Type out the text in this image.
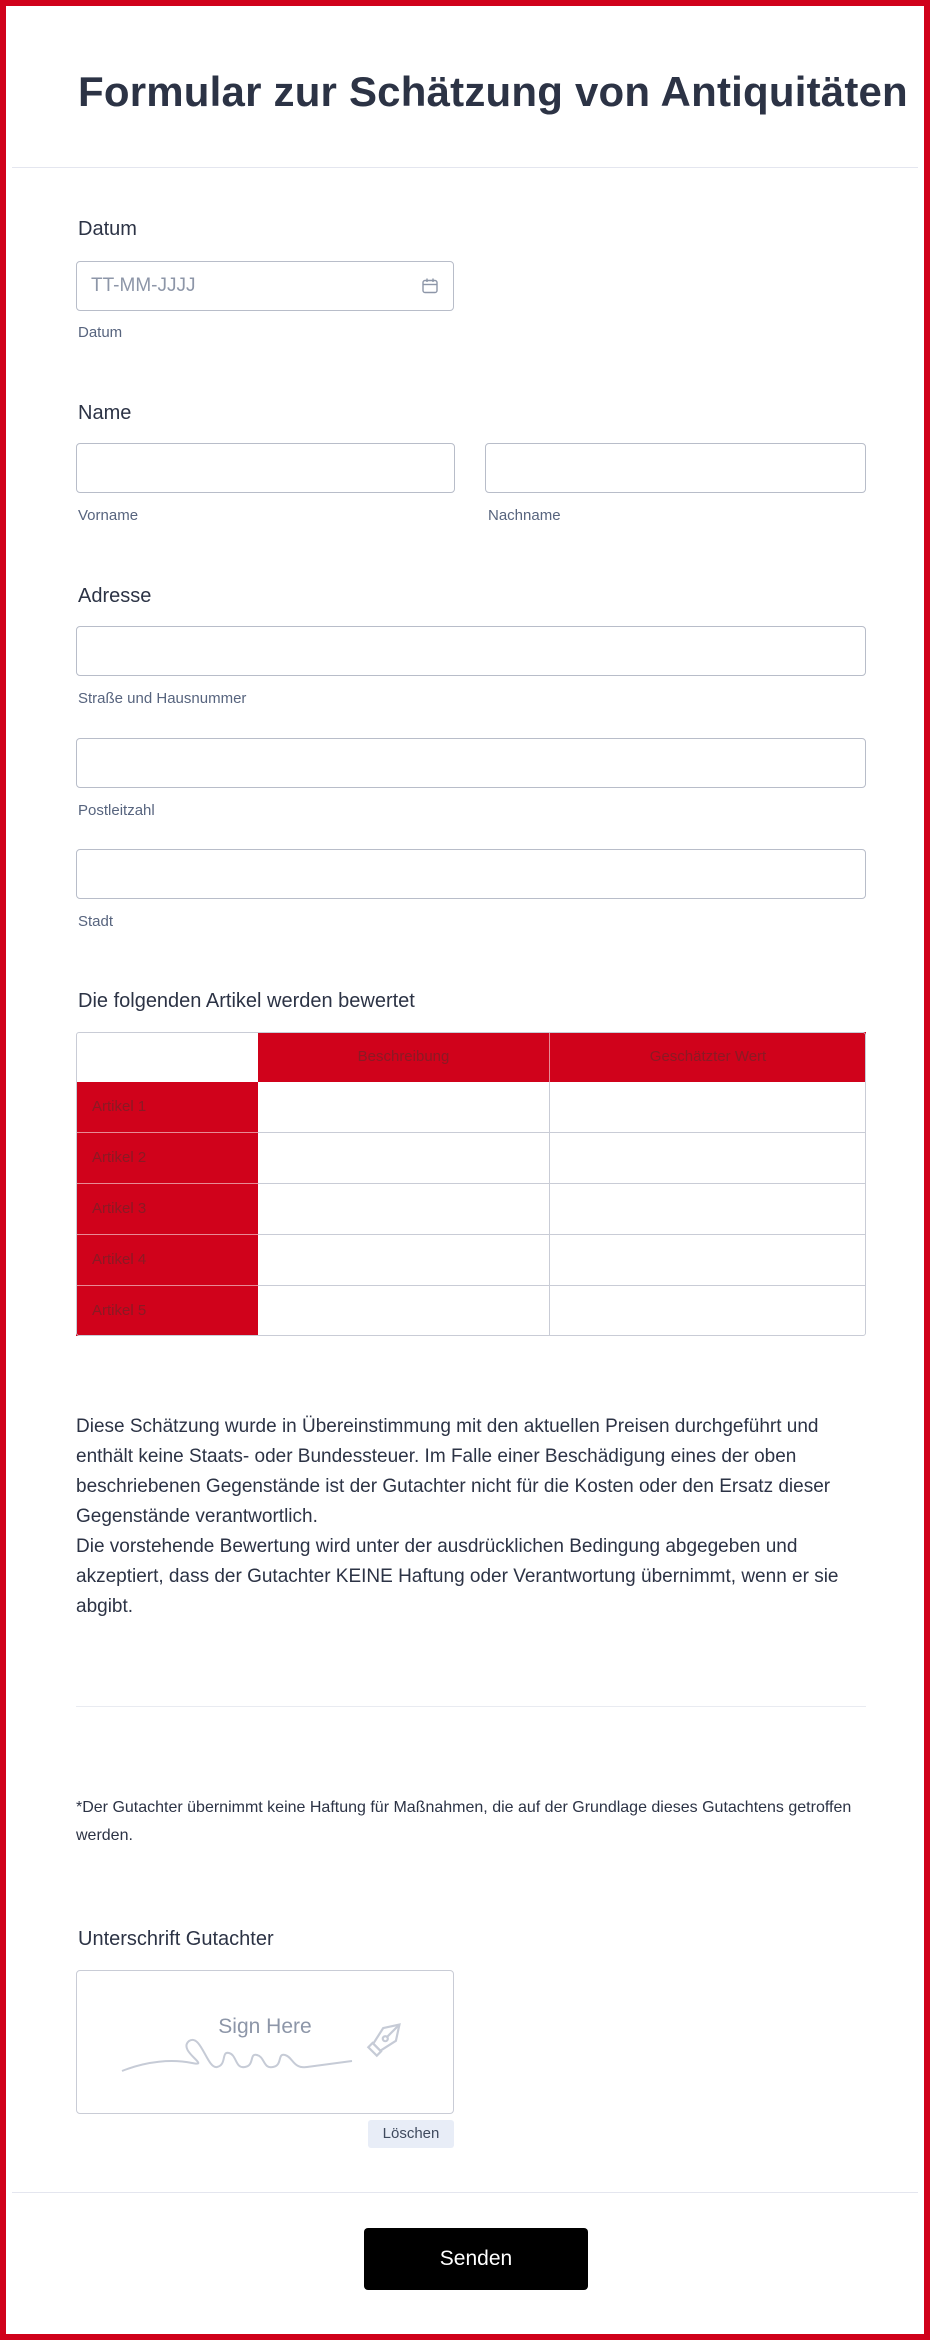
Formular zur Schätzung von Antiquitäten
Datum
TT-MM-JJJJ
Datum
Name
Vorname	Nachname
Adresse
Straße und Hausnummer
Postleitzahl
Stadt
Die folgenden Artikel werden bewertet
Beschreibung	Geschätzter Wert
Artikel 1
Artikel 2
Artikel 3
Artikel 4
Artikel 5

Diese Schätzung wurde in Übereinstimmung mit den aktuellen Preisen durchgeführt und enthält keine Staats- oder Bundessteuer. Im Falle einer Beschädigung eines der oben beschriebenen Gegenstände ist der Gutachter nicht für die Kosten oder den Ersatz dieser Gegenstände verantwortlich.

Die vorstehende Bewertung wird unter der ausdrücklichen Bedingung abgegeben und akzeptiert, dass der Gutachter KEINE Haftung oder Verantwortung übernimmt, wenn er sie abgibt.

*Der Gutachter übernimmt keine Haftung für Maßnahmen, die auf der Grundlage dieses Gutachtens getroffen werden.
Unterschrift Gutachter
Sign Here
Löschen
Senden
